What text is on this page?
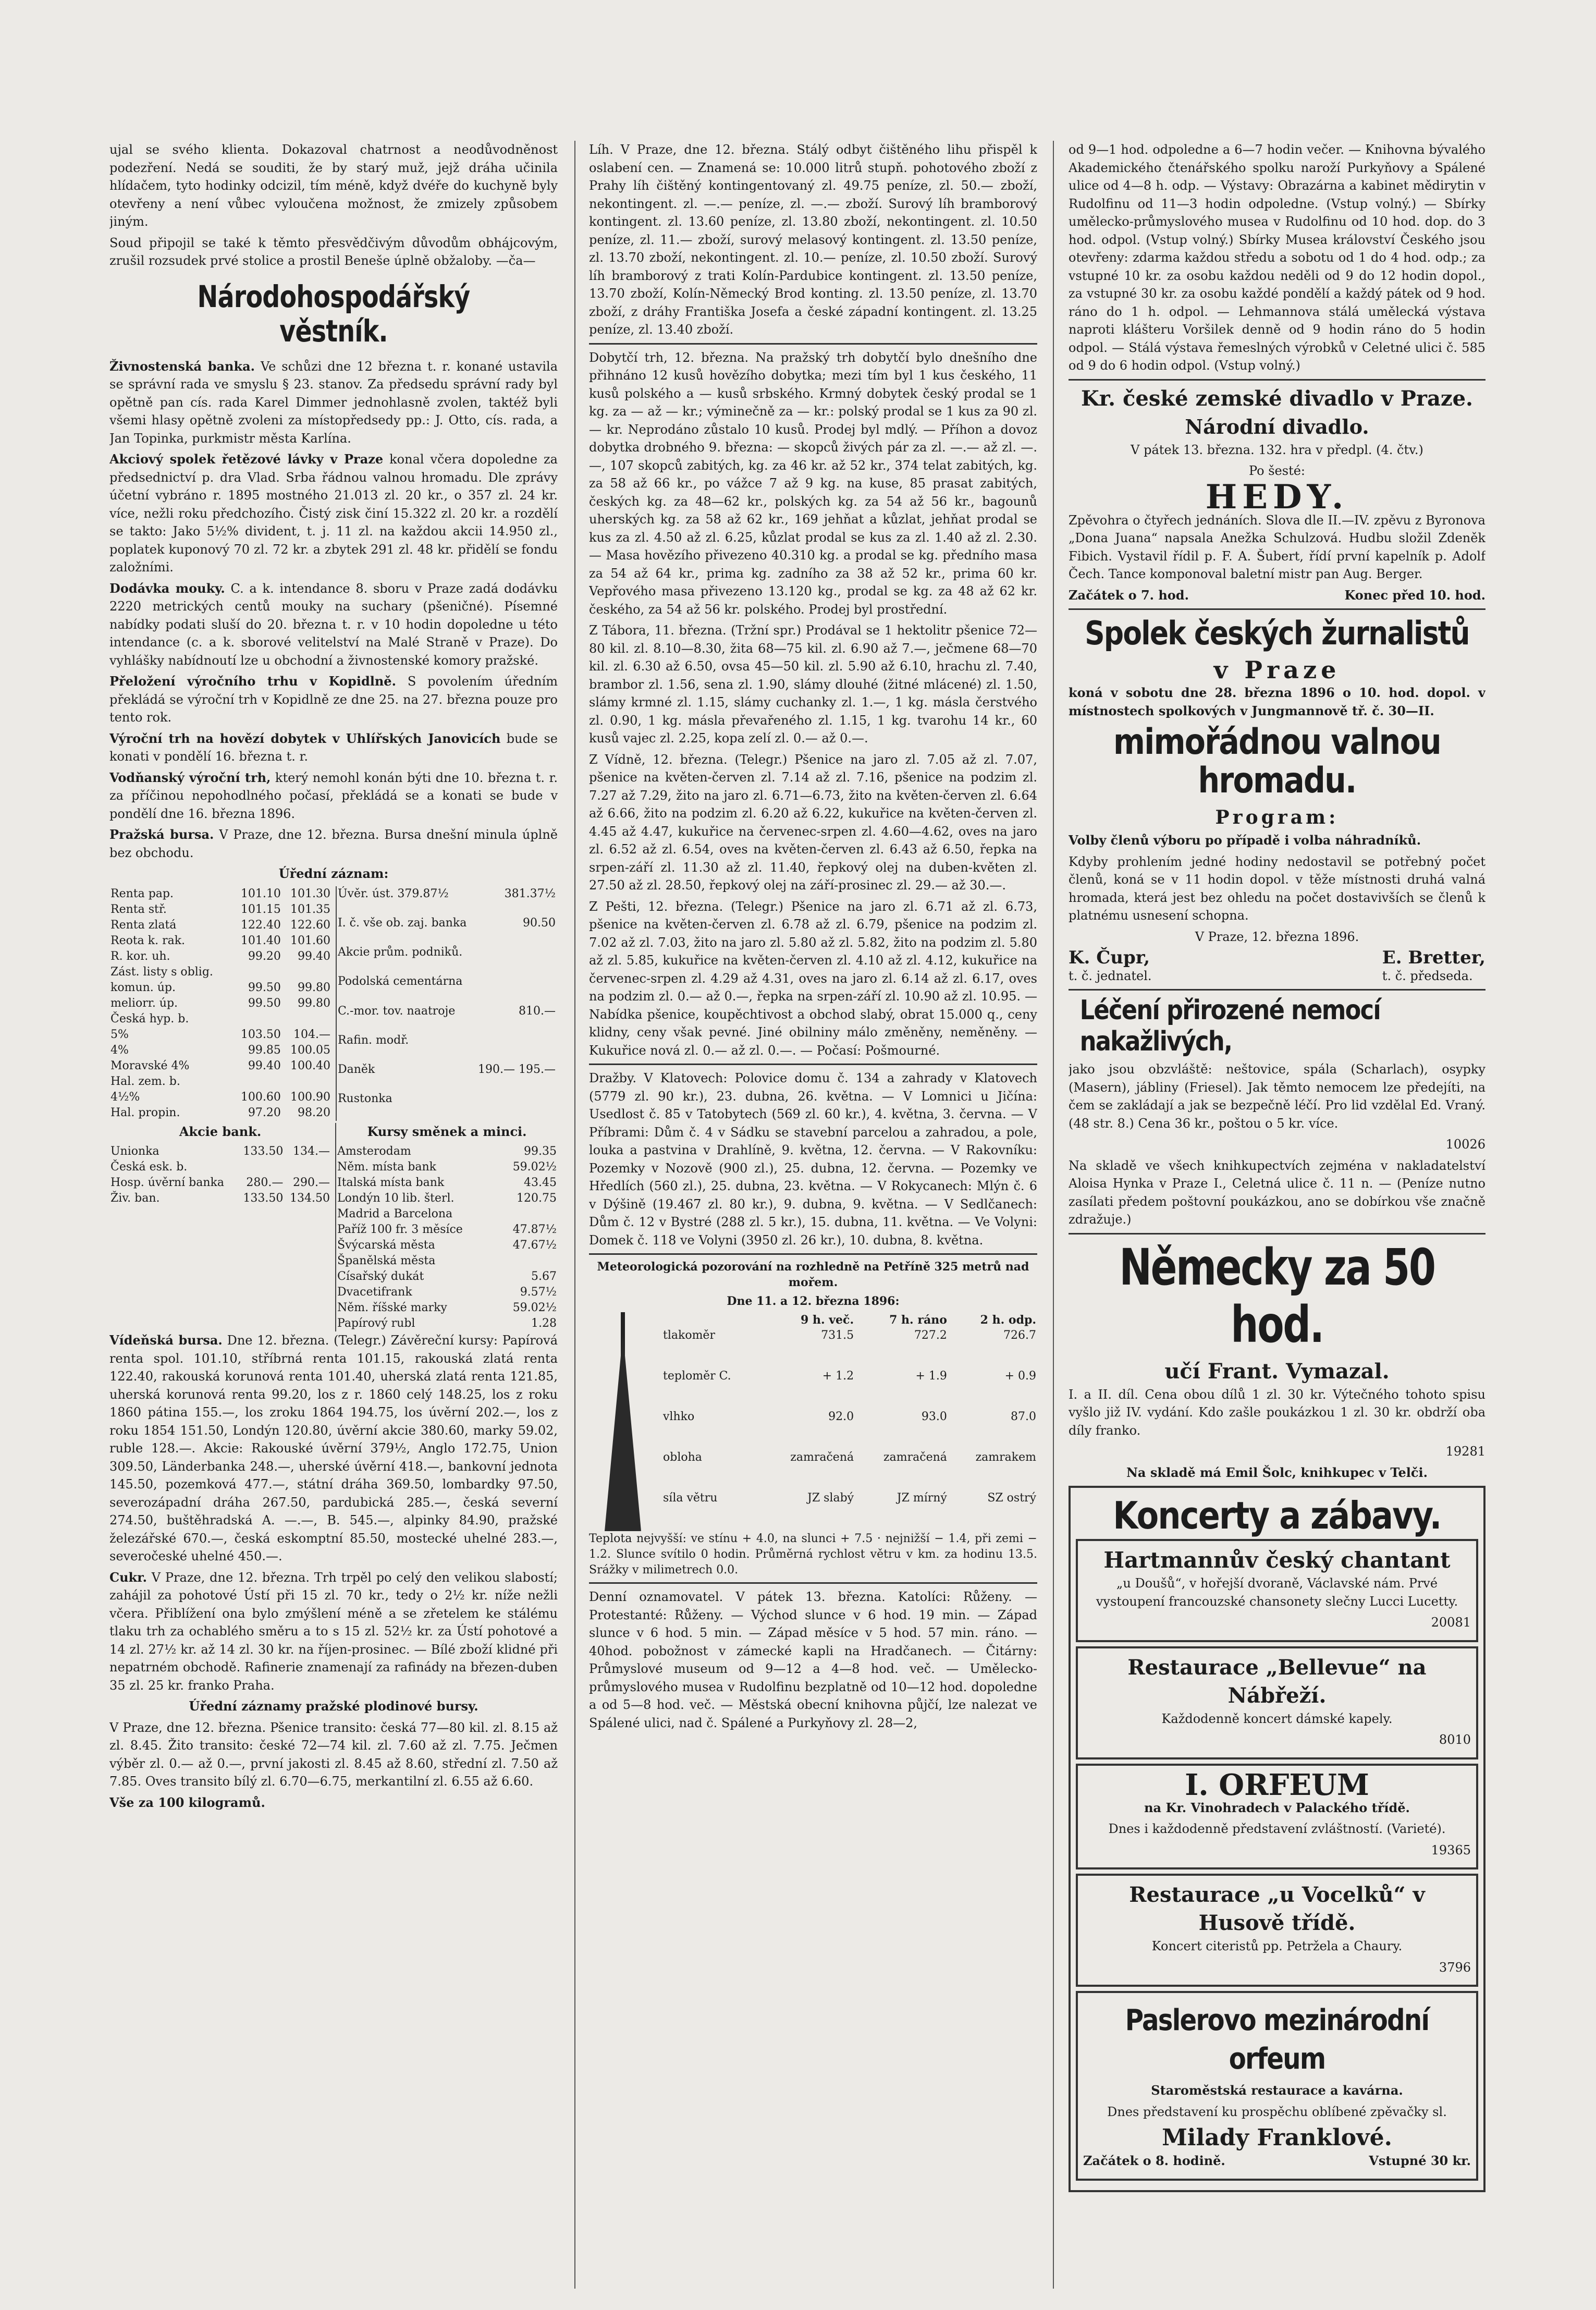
ujal se svého klienta. Dokazoval chatrnost a neodůvodněnost podezření. Nedá se souditi, že by starý muž, jejž dráha učinila hlídačem, tyto hodinky odcizil, tím méně, když dvéře do kuchyně byly otevřeny a není vůbec vyloučena možnost, že zmizely způsobem jiným.

Soud připojil se také k těmto přesvědčivým důvodům obhájcovým, zrušil rozsudek prvé stolice a prostil Beneše úplně obžaloby. —ča—

Národohospodářský věstník.

Živnostenská banka. Ve schůzi dne 12 března t. r. konané ustavila se správní rada ve smyslu § 23. stanov. Za předsedu správní rady byl opětně pan cís. rada Karel Dimmer jednohlasně zvolen, taktéž byli všemi hlasy opětně zvoleni za místopředsedy pp.: J. Otto, cís. rada, a Jan Topinka, purkmistr města Karlína.

Akciový spolek řetězové lávky v Praze konal včera dopoledne za předsednictví p. dra Vlad. Srba řádnou valnou hromadu. Dle zprávy účetní vybráno r. 1895 mostného 21.013 zl. 20 kr., o 357 zl. 24 kr. více, nežli roku předchozího. Čistý zisk činí 15.322 zl. 20 kr. a rozdělí se takto: Jako 5½% divident, t. j. 11 zl. na každou akcii 14.950 zl., poplatek kuponový 70 zl. 72 kr. a zbytek 291 zl. 48 kr. přidělí se fondu založními.

Dodávka mouky. C. a k. intendance 8. sboru v Praze zadá dodávku 2220 metrických centů mouky na suchary (pšeničné). Písemné nabídky podati sluší do 20. března t. r. v 10 hodin dopoledne u této intendance (c. a k. sborové velitelství na Malé Straně v Praze). Do vyhlášky nabídnoutí lze u obchodní a živnostenské komory pražské.

Přeložení výročního trhu v Kopidlně. S povolením úředním překládá se výroční trh v Kopidlně ze dne 25. na 27. března pouze pro tento rok.

Výroční trh na hovězí dobytek v Uhlířských Janovicích bude se konati v pondělí 16. března t. r.

Vodňanský výroční trh, který nemohl konán býti dne 10. března t. r. za příčinou nepohodlného počasí, překládá se a konati se bude v pondělí dne 16. března 1896.

Pražská bursa. V Praze, dne 12. března. Bursa dnešní minula úplně bez obchodu.

Úřední záznam:

Renta pap.	101.10	101.30
Renta stř.	101.15	101.35
Renta zlatá	122.40	122.60
Reota k. rak.	101.40	101.60
R. kor. uh.	99.20	99.40
Zást. listy s oblig.		
komun. úp.	99.50	99.80
meliorr. úp.	99.50	99.80
Česká hyp. b.		
5%	103.50	104.—
4%	99.85	100.05
Moravské 4%	99.40	100.40
Hal. zem. b.		
4½%	100.60	100.90
Hal. propin.	97.20	98.20
Úvěr. úst. 379.87½	381.37½
I. č. vše ob. zaj. banka	90.50
Akcie prům. podniků.	
Podolská cementárna	
C.-mor. tov. naatroje	810.—
Rafin. modř.	
Daněk	190.— 195.—
Rustonka	

Akcie bank.

Unionka	133.50	134.—
Česká esk. b.		
Hosp. úvěrní banka	280.—	290.—
Živ. ban.	133.50	134.50

Kursy směnek a minci.

Amsterodam	99.35
Něm. místa bank	59.02½
Italská místa bank	43.45
Londýn 10 lib. šterl.	120.75
Madrid a Barcelona	
Paříž 100 fr. 3 měsíce	47.87½
Švýcarská města	47.67½
Španělská města	
Císařský dukát	5.67
Dvacetifrank	9.57½
Něm. říšské marky	59.02½
Papírový rubl	1.28

Vídeňská bursa. Dne 12. března. (Telegr.) Závěreční kursy: Papírová renta spol. 101.10, stříbrná renta 101.15, rakouská zlatá renta 122.40, rakouská korunová renta 101.40, uherská zlatá renta 121.85, uherská korunová renta 99.20, los z r. 1860 celý 148.25, los z roku 1860 pátina 155.—, los zroku 1864 194.75, los úvěrní 202.—, los z roku 1854 151.50, Londýn 120.80, úvěrní akcie 380.60, marky 59.02, ruble 128.—. Akcie: Rakouské úvěrní 379½, Anglo 172.75, Union 309.50, Länderbanka 248.—, uherské úvěrní 418.—, bankovní jednota 145.50, pozemková 477.—, státní dráha 369.50, lombardky 97.50, severozápadní dráha 267.50, pardubická 285.—, česká severní 274.50, buštěhradská A. —.—, B. 545.—, alpinky 84.90, pražské železářské 670.—, česká eskomptní 85.50, mostecké uhelné 283.—, severočeské uhelné 450.—.

Cukr. V Praze, dne 12. března. Trh trpěl po celý den velikou slabostí; zahájil za pohotové Ústí při 15 zl. 70 kr., tedy o 2½ kr. níže nežli včera. Přiblížení ona bylo zmýšlení méně a se zřetelem ke stálému tlaku trh za ochablého směru a to s 15 zl. 52½ kr. za Ústí pohotové a 14 zl. 27½ kr. až 14 zl. 30 kr. na říjen-prosinec. — Bílé zboží klidné při nepatrném obchodě. Rafinerie znamenají za rafinády na březen-duben 35 zl. 25 kr. franko Praha.

Úřední záznamy pražské plodinové bursy.

V Praze, dne 12. března. Pšenice transito: česká 77—80 kil. zl. 8.15 až zl. 8.45. Žito transito: české 72—74 kil. zl. 7.60 až zl. 7.75. Ječmen výběr zl. 0.— až 0.—, první jakosti zl. 8.45 až 8.60, střední zl. 7.50 až 7.85. Oves transito bílý zl. 6.70—6.75, merkantilní zl. 6.55 až 6.60.

Vše za 100 kilogramů.

Líh. V Praze, dne 12. března. Stálý odbyt čištěného lihu přispěl k oslabení cen. — Znamená se: 10.000 litrů stupň. pohotového zboží z Prahy líh čištěný kontingentovaný zl. 49.75 peníze, zl. 50.— zboží, nekontingent. zl. —.— peníze, zl. —.— zboží. Surový líh bramborový kontingent. zl. 13.60 peníze, zl. 13.80 zboží, nekontingent. zl. 10.50 peníze, zl. 11.— zboží, surový melasový kontingent. zl. 13.50 peníze, zl. 13.70 zboží, nekontingent. zl. 10.— peníze, zl. 10.50 zboží. Surový líh bramborový z trati Kolín-Pardubice kontingent. zl. 13.50 peníze, 13.70 zboží, Kolín-Německý Brod konting. zl. 13.50 peníze, zl. 13.70 zboží, z dráhy Františka Josefa a české západní kontingent. zl. 13.25 peníze, zl. 13.40 zboží.

Dobytčí trh, 12. března. Na pražský trh dobytčí bylo dnešního dne přihnáno 12 kusů hovězího dobytka; mezi tím byl 1 kus českého, 11 kusů polského a — kusů srbského. Krmný dobytek český prodal se 1 kg. za — až — kr.; výminečně za — kr.: polský prodal se 1 kus za 90 zl. — kr. Neprodáno zůstalo 10 kusů. Prodej byl mdlý. — Příhon a dovoz dobytka drobného 9. března: — skopců živých pár za zl. —.— až zl. —.—, 107 skopců zabitých, kg. za 46 kr. až 52 kr., 374 telat zabitých, kg. za 58 až 66 kr., po vážce 7 až 9 kg. na kuse, 85 prasat zabitých, českých kg. za 48—62 kr., polských kg. za 54 až 56 kr., bagounů uherských kg. za 58 až 62 kr., 169 jehňat a kůzlat, jehňat prodal se kus za zl. 4.50 až zl. 6.25, kůzlat prodal se kus za zl. 1.40 až zl. 2.30. — Masa hovězího přivezeno 40.310 kg. a prodal se kg. předního masa za 54 až 64 kr., prima kg. zadního za 38 až 52 kr., prima 60 kr. Vepřového masa přivezeno 13.120 kg., prodal se kg. za 48 až 62 kr. českého, za 54 až 56 kr. polského. Prodej byl prostřední.

Z Tábora, 11. března. (Tržní spr.) Prodával se 1 hektolitr pšenice 72—80 kil. zl. 8.10—8.30, žita 68—75 kil. zl. 6.90 až 7.—, ječmene 68—70 kil. zl. 6.30 až 6.50, ovsa 45—50 kil. zl. 5.90 až 6.10, hrachu zl. 7.40, brambor zl. 1.56, sena zl. 1.90, slámy dlouhé (žitné mlácené) zl. 1.50, slámy krmné zl. 1.15, slámy cuchanky zl. 1.—, 1 kg. másla čerstvého zl. 0.90, 1 kg. másla převařeného zl. 1.15, 1 kg. tvarohu 14 kr., 60 kusů vajec zl. 2.25, kopa zelí zl. 0.— až 0.—.

Z Vídně, 12. března. (Telegr.) Pšenice na jaro zl. 7.05 až zl. 7.07, pšenice na květen-červen zl. 7.14 až zl. 7.16, pšenice na podzim zl. 7.27 až 7.29, žito na jaro zl. 6.71—6.73, žito na květen-červen zl. 6.64 až 6.66, žito na podzim zl. 6.20 až 6.22, kukuřice na květen-červen zl. 4.45 až 4.47, kukuřice na červenec-srpen zl. 4.60—4.62, oves na jaro zl. 6.52 až zl. 6.54, oves na květen-červen zl. 6.43 až 6.50, řepka na srpen-září zl. 11.30 až zl. 11.40, řepkový olej na duben-květen zl. 27.50 až zl. 28.50, řepkový olej na září-prosinec zl. 29.— až 30.—.

Z Pešti, 12. března. (Telegr.) Pšenice na jaro zl. 6.71 až zl. 6.73, pšenice na květen-červen zl. 6.78 až zl. 6.79, pšenice na podzim zl. 7.02 až zl. 7.03, žito na jaro zl. 5.80 až zl. 5.82, žito na podzim zl. 5.80 až zl. 5.85, kukuřice na květen-červen zl. 4.10 až zl. 4.12, kukuřice na červenec-srpen zl. 4.29 až 4.31, oves na jaro zl. 6.14 až zl. 6.17, oves na podzim zl. 0.— až 0.—, řepka na srpen-září zl. 10.90 až zl. 10.95. — Nabídka pšenice, koupěchtivost a obchod slabý, obrat 15.000 q., ceny klidny, ceny však pevné. Jiné obilniny málo změněny, neměněny. — Kukuřice nová zl. 0.— až zl. 0.—. — Počasí: Pošmourné.

Dražby. V Klatovech: Polovice domu č. 134 a zahrady v Klatovech (5779 zl. 90 kr.), 23. dubna, 26. května. — V Lomnici u Jičína: Usedlost č. 85 v Tatobytech (569 zl. 60 kr.), 4. května, 3. června. — V Příbrami: Dům č. 4 v Sádku se stavební parcelou a zahradou, a pole, louka a pastvina v Drahlíně, 9. května, 12. června. — V Rakovníku: Pozemky v Nozově (900 zl.), 25. dubna, 12. června. — Pozemky ve Hředlích (560 zl.), 25. dubna, 23. května. — V Rokycanech: Mlýn č. 6 v Dýšině (19.467 zl. 80 kr.), 9. dubna, 9. května. — V Sedlčanech: Dům č. 12 v Bystré (288 zl. 5 kr.), 15. dubna, 11. května. — Ve Volyni: Domek č. 118 ve Volyni (3950 zl. 26 kr.), 10. dubna, 8. května.

Meteorologická pozorování na rozhledně na Petříně 325 metrů nad mořem.

Dne 11. a 12. března 1896:

	9 h. več.	7 h. ráno	2 h. odp.
tlakoměr	731.5	727.2	726.7
teploměr C.	+ 1.2	+ 1.9	+ 0.9
vlhko	92.0	93.0	87.0
obloha	zamračená	zamračená	zamrakem
síla větru	JZ slabý	JZ mírný	SZ ostrý

Teplota nejvyšší: ve stínu + 4.0, na slunci + 7.5 · nejnižší − 1.4, při zemi − 1.2. Slunce svítilo 0 hodin. Průměrná rychlost větru v km. za hodinu 13.5. Srážky v milimetrech 0.0.

Denní oznamovatel. V pátek 13. března. Katolíci: Růženy. — Protestanté: Růženy. — Východ slunce v 6 hod. 19 min. — Západ slunce v 6 hod. 5 min. — Západ měsíce v 5 hod. 57 min. ráno. — 40hod. pobožnost v zámecké kapli na Hradčanech. — Čitárny: Průmyslové museum od 9—12 a 4—8 hod. več. — Umělecko-průmyslového musea v Rudolfinu bezplatně od 10—12 hod. dopoledne a od 5—8 hod. več. — Městská obecní knihovna půjčí, lze nalezat ve Spálené ulici, nad č. Spálené a Purkyňovy zl. 28—2,

od 9—1 hod. odpoledne a 6—7 hodin večer. — Knihovna bývalého Akademického čtenářského spolku naroží Purkyňovy a Spálené ulice od 4—8 h. odp. — Výstavy: Obrazárna a kabinet mědirytin v Rudolfinu od 11—3 hodin odpoledne. (Vstup volný.) — Sbírky umělecko-průmyslového musea v Rudolfinu od 10 hod. dop. do 3 hod. odpol. (Vstup volný.) Sbírky Musea království Českého jsou otevřeny: zdarma každou středu a sobotu od 1 do 4 hod. odp.; za vstupné 10 kr. za osobu každou neděli od 9 do 12 hodin dopol., za vstupné 30 kr. za osobu každé pondělí a každý pátek od 9 hod. ráno do 1 h. odpol. — Lehmannova stálá umělecká výstava naproti klášteru Voršilek denně od 9 hodin ráno do 5 hodin odpol. — Stálá výstava řemeslných výrobků v Celetné ulici č. 585 od 9 do 6 hodin odpol. (Vstup volný.)

Kr. české zemské divadlo v Praze.
Národní divadlo.

V pátek 13. března. 132. hra v předpl. (4. čtv.)

Po šesté:

HEDY.

Zpěvohra o čtyřech jednáních. Slova dle II.—IV. zpěvu z Byronova „Dona Juana“ napsala Anežka Schulzová. Hudbu složil Zdeněk Fibich. Vystavil řídil p. F. A. Šubert, řídí první kapelník p. Adolf Čech. Tance komponoval baletní mistr pan Aug. Berger.

Začátek o 7. hod.	Konec před 10. hod.

Spolek českých žurnalistů
v Praze

koná v sobotu dne 28. března 1896 o 10. hod. dopol. v místnostech spolkových v Jungmannově tř. č. 30—II.

mimořádnou valnou hromadu.
Program:

Volby členů výboru po případě i volba náhradníků.

Kdyby prohlením jedné hodiny nedostavil se potřebný počet členů, koná se v 11 hodin dopol. v těže místnosti druhá valná hromada, která jest bez ohledu na počet dostavivších se členů k platnému usnesení schopna.

V Praze, 12. března 1896.

K. Čupr,
t. č. jednatel.
E. Bretter,
t. č. předseda.
Léčení přirozené nemocí nakažlivých,

jako jsou obzvláště: neštovice, spála (Scharlach), osypky (Masern), jábliny (Friesel). Jak těmto nemocem lze předejíti, na čem se zakládají a jak se bezpečně léčí. Pro lid vzdělal Ed. Vraný. (48 str. 8.) Cena 36 kr., poštou o 5 kr. více.

10026

Na skladě ve všech knihkupectvích zejména v nakladatelství Aloisa Hynka v Praze I., Celetná ulice č. 11 n. — (Peníze nutno zasílati předem poštovní poukázkou, ano se dobírkou vše značně zdražuje.)

Německy za 50 hod.
učí Frant. Vymazal.

I. a II. díl. Cena obou dílů 1 zl. 30 kr. Výtečného tohoto spisu vyšlo již IV. vydání. Kdo zašle poukázkou 1 zl. 30 kr. obdrží oba díly franko.

19281

Na skladě má Emil Šolc, knihkupec v Telči.

Koncerty a zábavy.
Hartmannův český chantant

„u Doušů“, v hořejší dvoraně, Václavské nám. Prvé vystoupení francouzské chansonety slečny Lucci Lucetty.

20081

Restaurace „Bellevue“ na Nábřeží.

Každodenně koncert dámské kapely.

8010

I. ORFEUM

na Kr. Vinohradech v Palackého třídě.

Dnes i každodenně představení zvláštností. (Varieté).

19365

Restaurace „u Vocelků“ v Husově třídě.

Koncert citeristů pp. Petržela a Chaury.

3796

Paslerovo mezinárodní orfeum

Staroměstská restaurace a kavárna.

Dnes představení ku prospěchu oblíbené zpěvačky sl.

Milady Franklové.

Začátek o 8. hodině.	Vstupné 30 kr.
